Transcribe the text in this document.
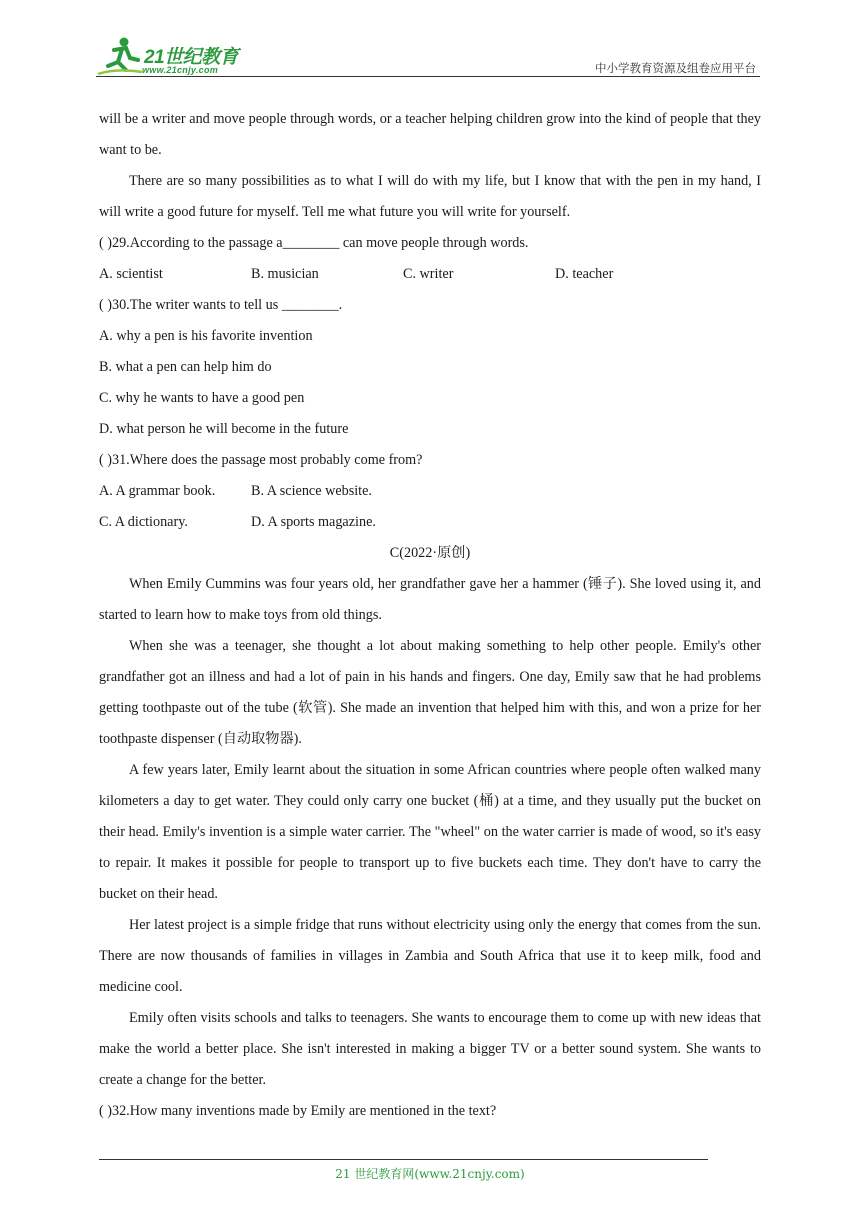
21世纪教育
www.21cnjy.com	中小学教育资源及组卷应用平台

will be a writer and move people through words, or a teacher helping children grow into the kind of people that they want to be.

There are so many possibilities as to what I will do with my life, but I know that with the pen in my hand, I will write a good future for myself. Tell me what future you will write for yourself.

( )29.According to the passage a________ can move people through words.
A. scientist	B. musician	C. writer	D. teacher
( )30.The writer wants to tell us ________.
A. why a pen is his favorite invention
B. what a pen can help him do
C. why he wants to have a good pen
D. what person he will become in the future
( )31.Where does the passage most probably come from?
A. A grammar book.	B. A science website.
C. A dictionary.	D. A sports magazine.
C(2022·原创)

When Emily Cummins was four years old, her grandfather gave her a hammer (锤子). She loved using it, and started to learn how to make toys from old things.

When she was a teenager, she thought a lot about making something to help other people. Emily's other grandfather got an illness and had a lot of pain in his hands and fingers. One day, Emily saw that he had problems getting toothpaste out of the tube (软管). She made an invention that helped him with this, and won a prize for her toothpaste dispenser (自动取物器).

A few years later, Emily learnt about the situation in some African countries where people often walked many kilometers a day to get water. They could only carry one bucket (桶) at a time, and they usually put the bucket on their head. Emily's invention is a simple water carrier. The "wheel" on the water carrier is made of wood, so it's easy to repair. It makes it possible for people to transport up to five buckets each time. They don't have to carry the bucket on their head.

Her latest project is a simple fridge that runs without electricity using only the energy that comes from the sun. There are now thousands of families in villages in Zambia and South Africa that use it to keep milk, food and medicine cool.

Emily often visits schools and talks to teenagers. She wants to encourage them to come up with new ideas that make the world a better place. She isn't interested in making a bigger TV or a better sound system. She wants to create a change for the better.

( )32.How many inventions made by Emily are mentioned in the text?
21 世纪教育网(www.21cnjy.com)
